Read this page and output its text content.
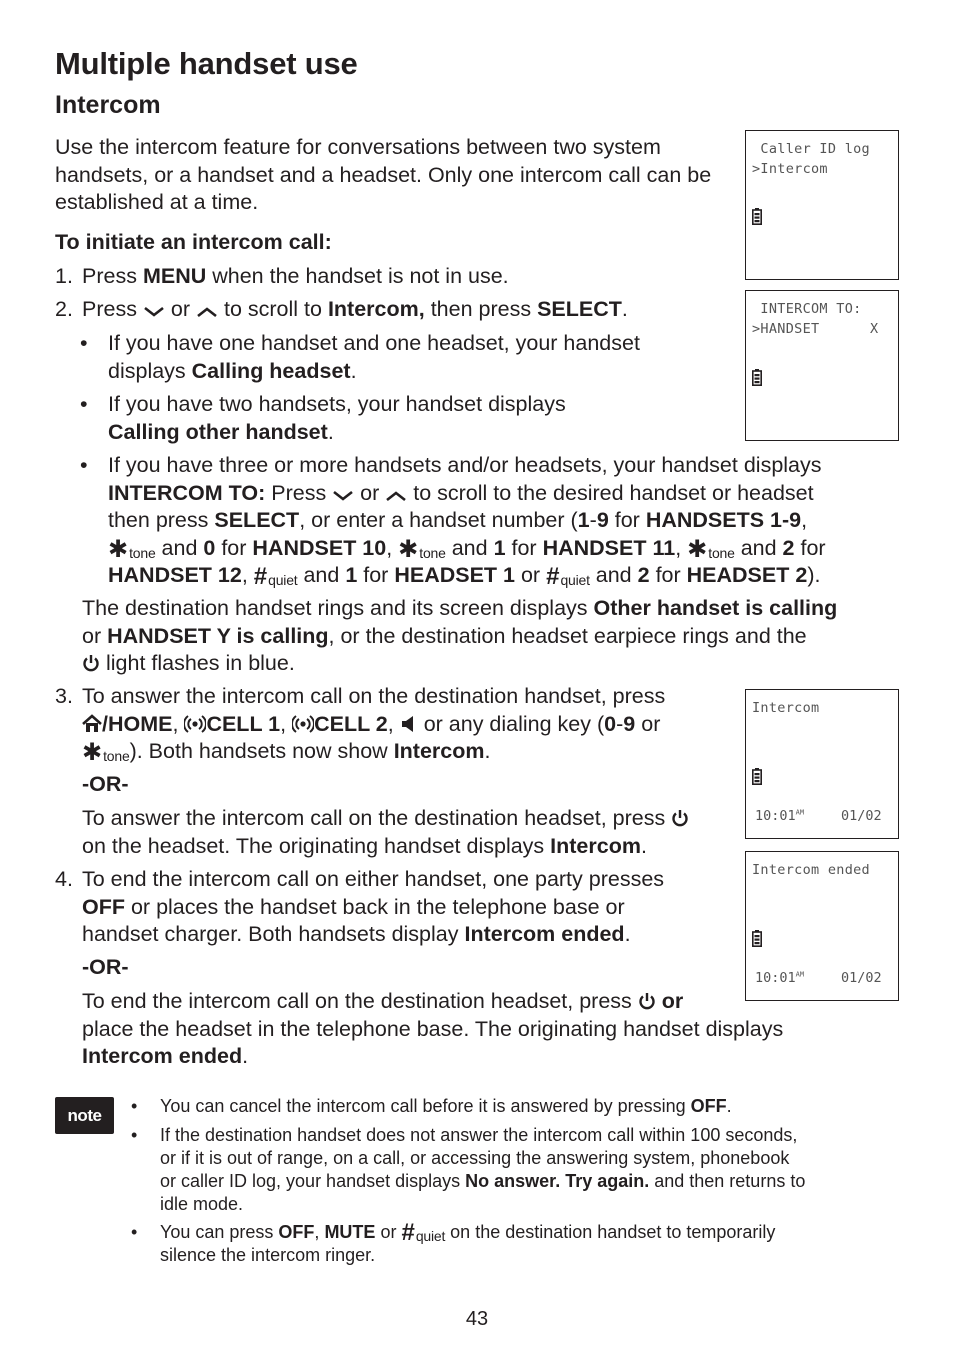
Multiple handset use
Intercom
Use the intercom feature for conversations between two system handsets, or a handset and a headset. Only one intercom call can be established at a time.
To initiate an intercom call:
1. Press MENU when the handset is not in use.
2. Press  or  to scroll to Intercom, then press SELECT.
• If you have one handset and one headset, your handset displays Calling headset.
• If you have two handsets, your handset displays
Calling other handset.
• If you have three or more handsets and/or headsets, your handset displays
INTERCOM TO: Press  or  to scroll to the desired handset or headset
then press SELECT, or enter a handset number (1-9 for HANDSETS 1-9,
✱ tone and 0 for HANDSET 10, ✱ tone and 1 for HANDSET 11, ✱ tone and 2 for
HANDSET 12, # quiet and 1 for HEADSET 1 or # quiet and 2 for HEADSET 2).
The destination handset rings and its screen displays Other handset is calling
or HANDSET Y is calling, or the destination headset earpiece rings and the
light flashes in blue.
3. To answer the intercom call on the destination handset, press
/HOME, CELL 1, CELL 2,  or any dialing key (0-9 or
✱ tone ). Both handsets now show Intercom.
-OR-
To answer the intercom call on the destination headset, press
on the headset. The originating handset displays Intercom.
4. To end the intercom call on either handset, one party presses
OFF or places the handset back in the telephone base or
handset charger. Both handsets display Intercom ended.
-OR-
To end the intercom call on the destination headset, press  or
place the headset in the telephone base. The originating handset displays
Intercom ended.
Caller ID log
>Intercom
INTERCOM TO:
>HANDSET      X
Intercom
$10:01^{AM}$	01/02
Intercom ended
$10:01^{AM}$	01/02
note	• You can cancel the intercom call before it is answered by pressing OFF.
• If the destination handset does not answer the intercom call within 100 seconds,
or if it is out of range, on a call, or accessing the answering system, phonebook
or caller ID log, your handset displays No answer. Try again. and then returns to
idle mode.
• You can press OFF, MUTE or # quiet on the destination handset to temporarily
silence the intercom ringer.
43
